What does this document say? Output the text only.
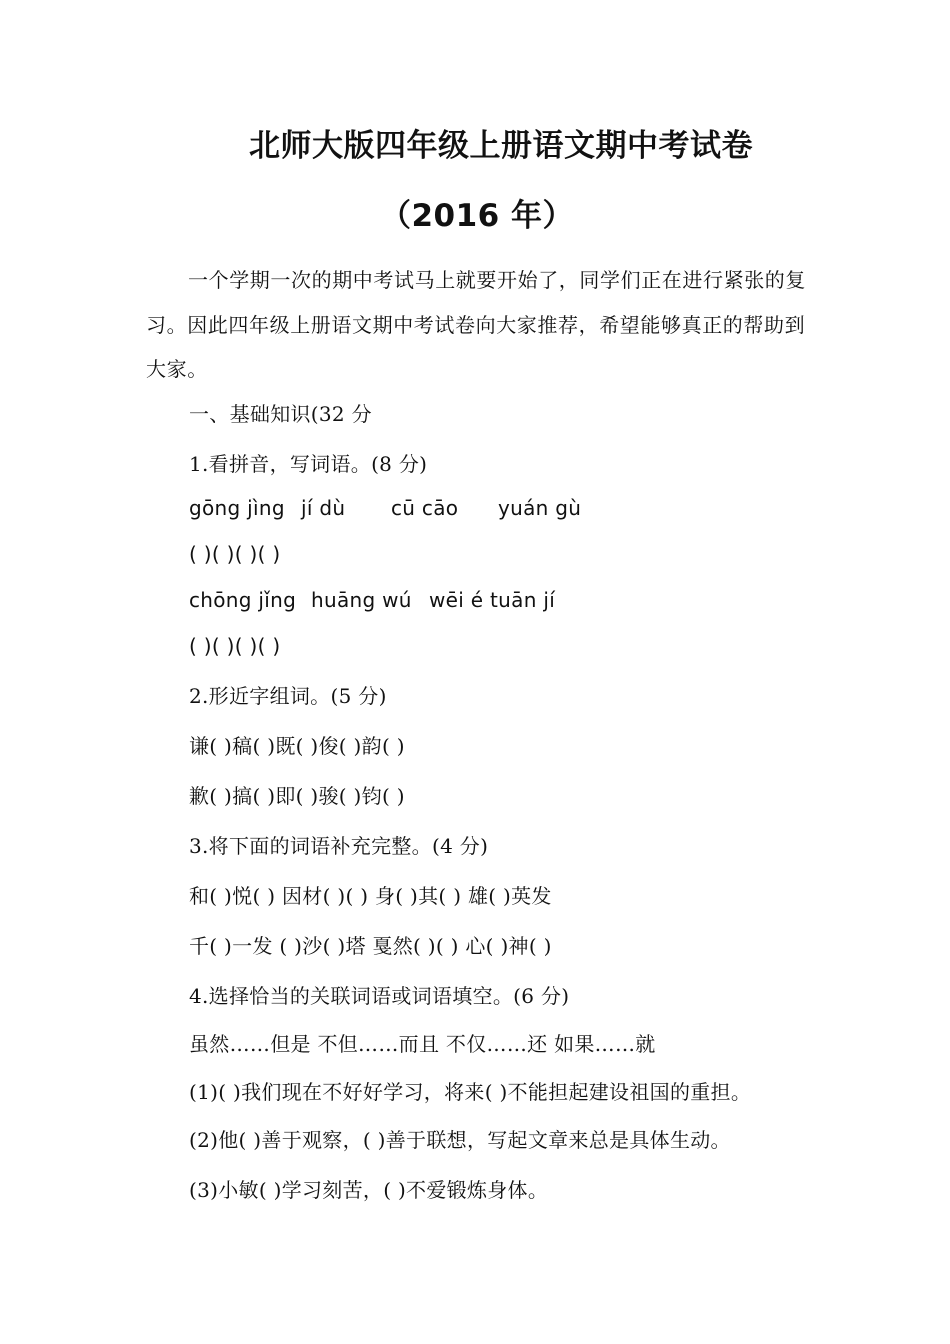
北师大版四年级上册语文期中考试卷
（2016 年）

一个学期一次的期中考试马上就要开始了，同学们正在进行紧张的复习。因此四年级上册语文期中考试卷向大家推荐，希望能够真正的帮助到大家。

一、基础知识(32 分

1.看拼音，写词语。(8 分)

gōng jìng jí dù cū cāo yuán gù

( )( )( )( )

chōng jǐng huāng wú wēi é tuān jí

( )( )( )( )

2.形近字组词。(5 分)

谦( )稿( )既( )俊( )韵( )

歉( )搞( )即( )骏( )钧( )

3.将下面的词语补充完整。(4 分)

和( )悦( ) 因材( )( ) 身( )其( ) 雄( )英发

千( )一发 ( )沙( )塔 戛然( )( ) 心( )神( )

4.选择恰当的关联词语或词语填空。(6 分)

虽然……但是 不但……而且 不仅……还 如果……就

(1)( )我们现在不好好学习，将来( )不能担起建设祖国的重担。

(2)他( )善于观察，( )善于联想，写起文章来总是具体生动。

(3)小敏( )学习刻苦，( )不爱锻炼身体。
